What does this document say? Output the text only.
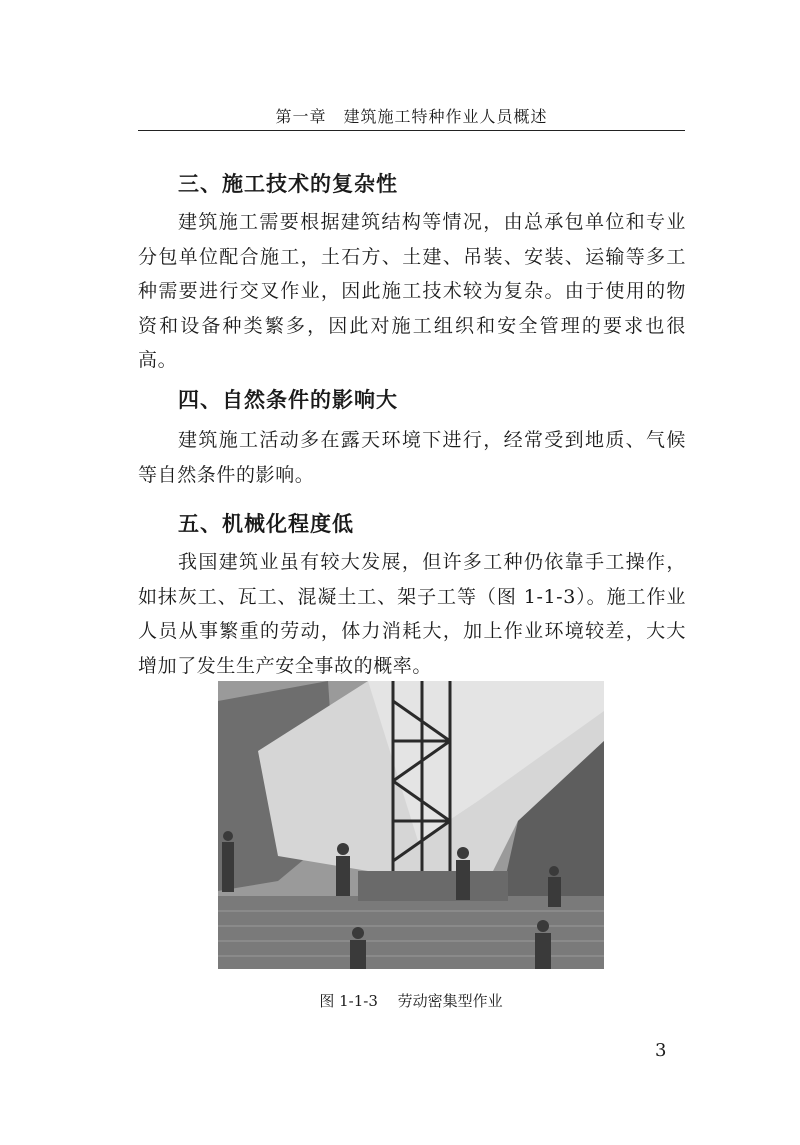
第一章　建筑施工特种作业人员概述
三、施工技术的复杂性
建筑施工需要根据建筑结构等情况，由总承包单位和专业分包单位配合施工，土石方、土建、吊装、安装、运输等多工种需要进行交叉作业，因此施工技术较为复杂。由于使用的物资和设备种类繁多，因此对施工组织和安全管理的要求也很高。
四、自然条件的影响大
建筑施工活动多在露天环境下进行，经常受到地质、气候等自然条件的影响。
五、机械化程度低
我国建筑业虽有较大发展，但许多工种仍依靠手工操作，如抹灰工、瓦工、混凝土工、架子工等（图 1-1-3）。施工作业人员从事繁重的劳动，体力消耗大，加上作业环境较差，大大增加了发生生产安全事故的概率。
图 1-1-3　 劳动密集型作业
3
